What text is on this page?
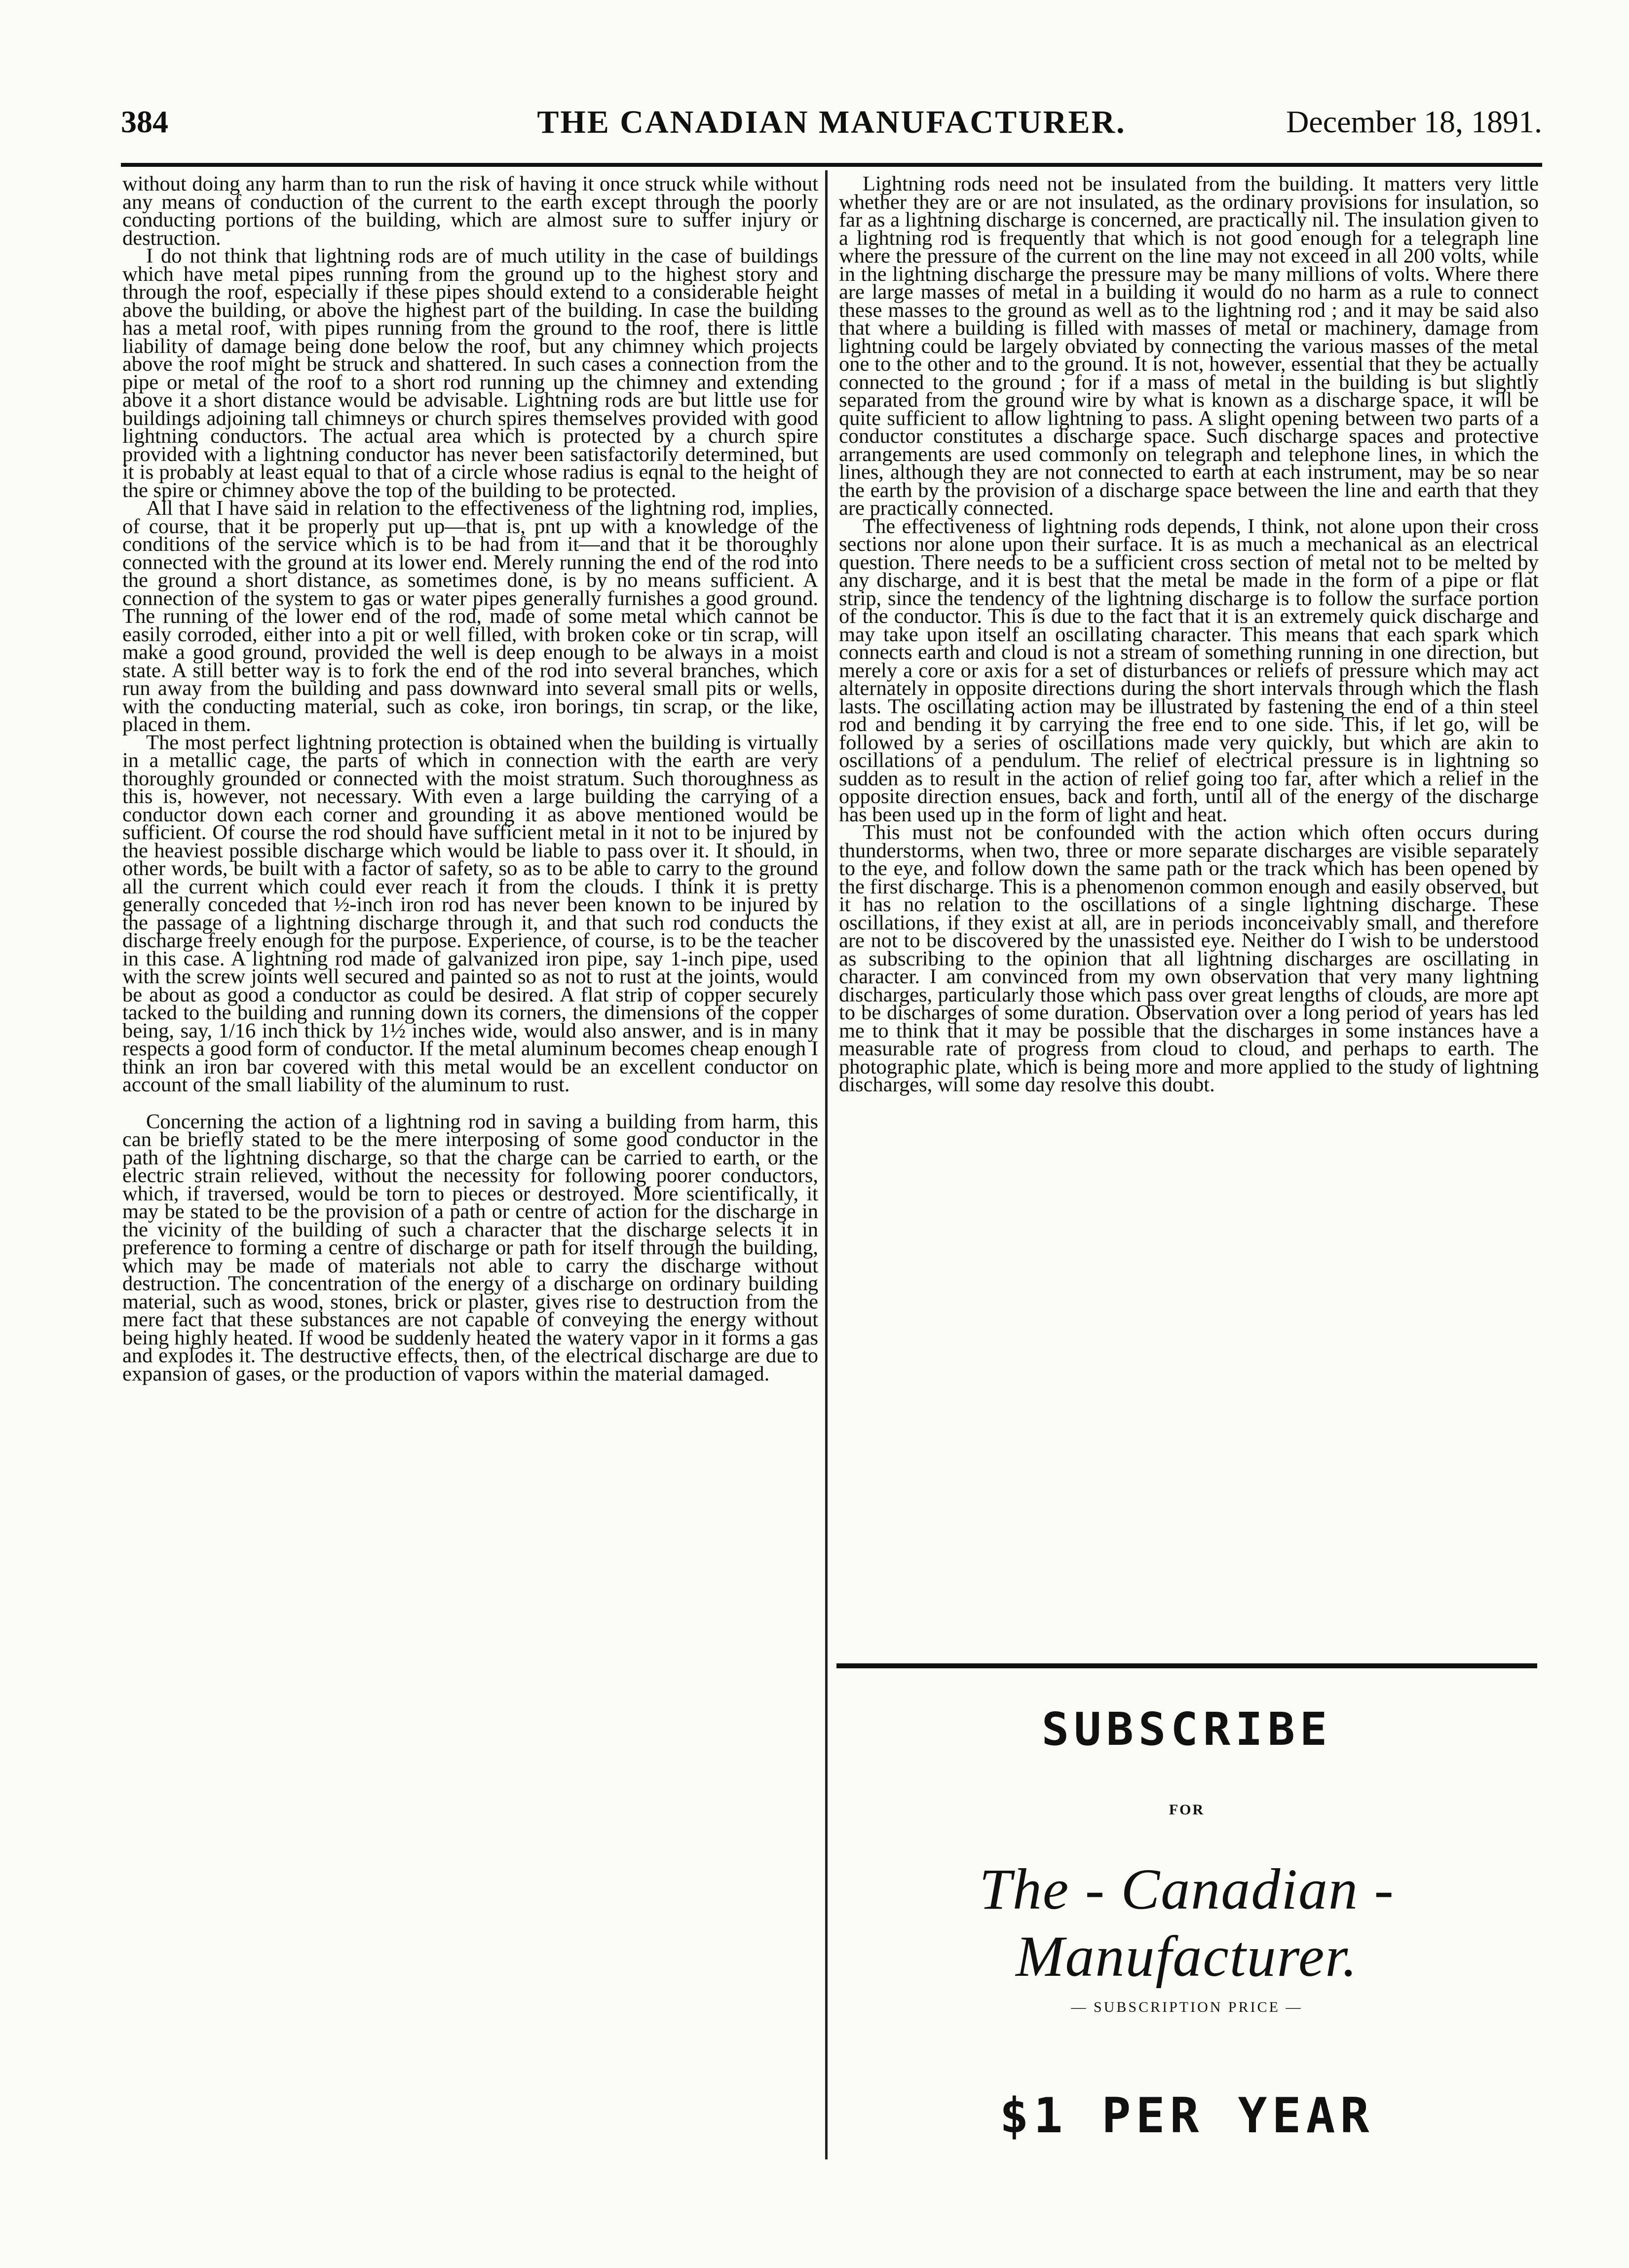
384	THE CANADIAN MANUFACTURER.	December 18, 1891.

without doing any harm than to run the risk of having it once struck while without any means of conduction of the current to the earth except through the poorly conducting portions of the building, which are almost sure to suffer injury or destruction.

I do not think that lightning rods are of much utility in the case of buildings which have metal pipes running from the ground up to the highest story and through the roof, especially if these pipes should extend to a considerable height above the building, or above the highest part of the building. In case the building has a metal roof, with pipes running from the ground to the roof, there is little liability of damage being done below the roof, but any chimney which projects above the roof might be struck and shattered. In such cases a connection from the pipe or metal of the roof to a short rod running up the chimney and extending above it a short distance would be advisable. Lightning rods are but little use for buildings adjoining tall chimneys or church spires themselves provided with good lightning conductors. The actual area which is protected by a church spire provided with a lightning conductor has never been satisfactorily determined, but it is probably at least equal to that of a circle whose radius is eqnal to the height of the spire or chimney above the top of the building to be protected.

All that I have said in relation to the effectiveness of the lightning rod, implies, of course, that it be properly put up—that is, pnt up with a knowledge of the conditions of the service which is to be had from it—and that it be thoroughly connected with the ground at its lower end. Merely running the end of the rod into the ground a short distance, as sometimes done, is by no means sufficient. A connection of the system to gas or water pipes generally furnishes a good ground. The running of the lower end of the rod, made of some metal which cannot be easily corroded, either into a pit or well filled, with broken coke or tin scrap, will make a good ground, provided the well is deep enough to be always in a moist state. A still better way is to fork the end of the rod into several branches, which run away from the building and pass downward into several small pits or wells, with the conducting material, such as coke, iron borings, tin scrap, or the like, placed in them.

The most perfect lightning protection is obtained when the building is virtually in a metallic cage, the parts of which in connection with the earth are very thoroughly grounded or connected with the moist stratum. Such thoroughness as this is, however, not necessary. With even a large building the carrying of a conductor down each corner and grounding it as above mentioned would be sufficient. Of course the rod should have sufficient metal in it not to be injured by the heaviest possible discharge which would be liable to pass over it. It should, in other words, be built with a factor of safety, so as to be able to carry to the ground all the current which could ever reach it from the clouds. I think it is pretty generally conceded that ½-inch iron rod has never been known to be injured by the passage of a lightning discharge through it, and that such rod conducts the discharge freely enough for the purpose. Experience, of course, is to be the teacher in this case. A lightning rod made of galvanized iron pipe, say 1-inch pipe, used with the screw joints well secured and painted so as not to rust at the joints, would be about as good a conductor as could be desired. A flat strip of copper securely tacked to the building and running down its corners, the dimensions of the copper being, say, 1/16 inch thick by 1½ inches wide, would also answer, and is in many respects a good form of conductor. If the metal aluminum becomes cheap enough I think an iron bar covered with this metal would be an excellent conductor on account of the small liability of the aluminum to rust.

Concerning the action of a lightning rod in saving a building from harm, this can be briefly stated to be the mere interposing of some good conductor in the path of the lightning discharge, so that the charge can be carried to earth, or the electric strain relieved, without the necessity for following poorer conductors, which, if traversed, would be torn to pieces or destroyed. More scientifically, it may be stated to be the provision of a path or centre of action for the discharge in the vicinity of the building of such a character that the discharge selects it in preference to forming a centre of discharge or path for itself through the building, which may be made of materials not able to carry the discharge without destruction. The concentration of the energy of a discharge on ordinary building material, such as wood, stones, brick or plaster, gives rise to destruction from the mere fact that these substances are not capable of conveying the energy without being highly heated. If wood be suddenly heated the watery vapor in it forms a gas and explodes it. The destructive effects, then, of the electrical discharge are due to expansion of gases, or the production of vapors within the material damaged.

Lightning rods need not be insulated from the building. It matters very little whether they are or are not insulated, as the ordinary provisions for insulation, so far as a lightning discharge is concerned, are practically nil. The insulation given to a lightning rod is frequently that which is not good enough for a telegraph line where the pressure of the current on the line may not exceed in all 200 volts, while in the lightning discharge the pressure may be many millions of volts. Where there are large masses of metal in a building it would do no harm as a rule to connect these masses to the ground as well as to the lightning rod ; and it may be said also that where a building is filled with masses of metal or machinery, damage from lightning could be largely obviated by connecting the various masses of the metal one to the other and to the ground. It is not, however, essential that they be actually connected to the ground ; for if a mass of metal in the building is but slightly separated from the ground wire by what is known as a discharge space, it will be quite sufficient to allow lightning to pass. A slight opening between two parts of a conductor constitutes a discharge space. Such discharge spaces and protective arrangements are used commonly on telegraph and telephone lines, in which the lines, although they are not connected to earth at each instrument, may be so near the earth by the provision of a discharge space between the line and earth that they are practically connected.

The effectiveness of lightning rods depends, I think, not alone upon their cross sections nor alone upon their surface. It is as much a mechanical as an electrical question. There needs to be a sufficient cross section of metal not to be melted by any discharge, and it is best that the metal be made in the form of a pipe or flat strip, since the tendency of the lightning discharge is to follow the surface portion of the conductor. This is due to the fact that it is an extremely quick discharge and may take upon itself an oscillating character. This means that each spark which connects earth and cloud is not a stream of something running in one direction, but merely a core or axis for a set of disturbances or reliefs of pressure which may act alternately in opposite directions during the short intervals through which the flash lasts. The oscillating action may be illustrated by fastening the end of a thin steel rod and bending it by carrying the free end to one side. This, if let go, will be followed by a series of oscillations made very quickly, but which are akin to oscillations of a pendulum. The relief of electrical pressure is in lightning so sudden as to result in the action of relief going too far, after which a relief in the opposite direction ensues, back and forth, until all of the energy of the discharge has been used up in the form of light and heat.

This must not be confounded with the action which often occurs during thunderstorms, when two, three or more separate discharges are visible separately to the eye, and follow down the same path or the track which has been opened by the first discharge. This is a phenomenon common enough and easily observed, but it has no relation to the oscillations of a single lightning discharge. These oscillations, if they exist at all, are in periods inconceivably small, and therefore are not to be discovered by the unassisted eye. Neither do I wish to be understood as subscribing to the opinion that all lightning discharges are oscillating in character. I am convinced from my own observation that very many lightning discharges, particularly those which pass over great lengths of clouds, are more apt to be discharges of some duration. Observation over a long period of years has led me to think that it may be possible that the discharges in some instances have a measurable rate of progress from cloud to cloud, and perhaps to earth. The photographic plate, which is being more and more applied to the study of lightning discharges, will some day resolve this doubt.

SUBSCRIBE
FOR
The - Canadian - Manufacturer.
— SUBSCRIPTION PRICE —
$1 PER YEAR
